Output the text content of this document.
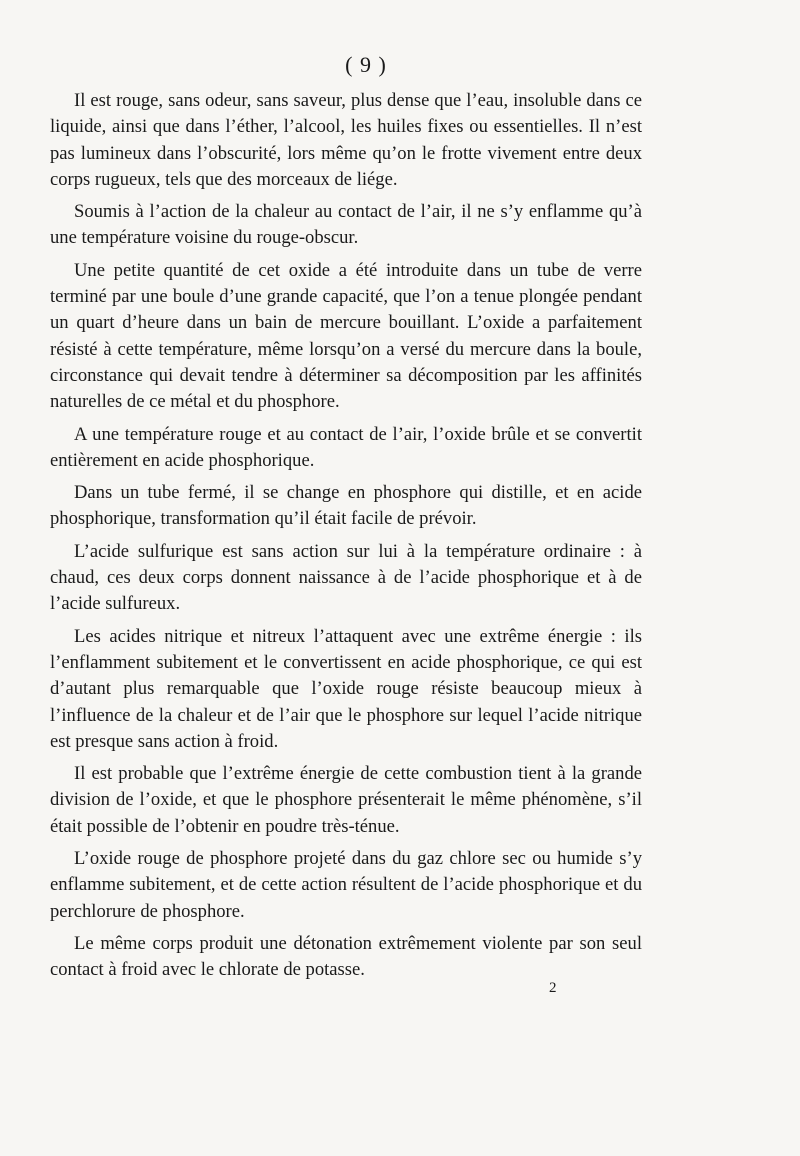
( 9 )

Il est rouge, sans odeur, sans saveur, plus dense que l’eau, insoluble dans ce liquide, ainsi que dans l’éther, l’alcool, les huiles fixes ou essentielles. Il n’est pas lumineux dans l’obscurité, lors même qu’on le frotte vivement entre deux corps rugueux, tels que des morceaux de liége.

Soumis à l’action de la chaleur au contact de l’air, il ne s’y enflamme qu’à une température voisine du rouge-obscur.

Une petite quantité de cet oxide a été introduite dans un tube de verre terminé par une boule d’une grande capacité, que l’on a tenue plongée pendant un quart d’heure dans un bain de mercure bouillant. L’oxide a parfaitement résisté à cette température, même lorsqu’on a versé du mercure dans la boule, circonstance qui devait tendre à déterminer sa décomposition par les affinités naturelles de ce métal et du phosphore.

A une température rouge et au contact de l’air, l’oxide brûle et se convertit entièrement en acide phosphorique.

Dans un tube fermé, il se change en phosphore qui distille, et en acide phosphorique, transformation qu’il était facile de prévoir.

L’acide sulfurique est sans action sur lui à la température ordinaire : à chaud, ces deux corps donnent naissance à de l’acide phosphorique et à de l’acide sulfureux.

Les acides nitrique et nitreux l’attaquent avec une extrême énergie : ils l’enflamment subitement et le convertissent en acide phosphorique, ce qui est d’autant plus remarquable que l’oxide rouge résiste beaucoup mieux à l’influence de la chaleur et de l’air que le phosphore sur lequel l’acide nitrique est presque sans action à froid.

Il est probable que l’extrême énergie de cette combustion tient à la grande division de l’oxide, et que le phosphore présenterait le même phénomène, s’il était possible de l’obtenir en poudre très-ténue.

L’oxide rouge de phosphore projeté dans du gaz chlore sec ou humide s’y enflamme subitement, et de cette action résultent de l’acide phosphorique et du perchlorure de phosphore.

Le même corps produit une détonation extrêmement violente par son seul contact à froid avec le chlorate de potasse.

2
